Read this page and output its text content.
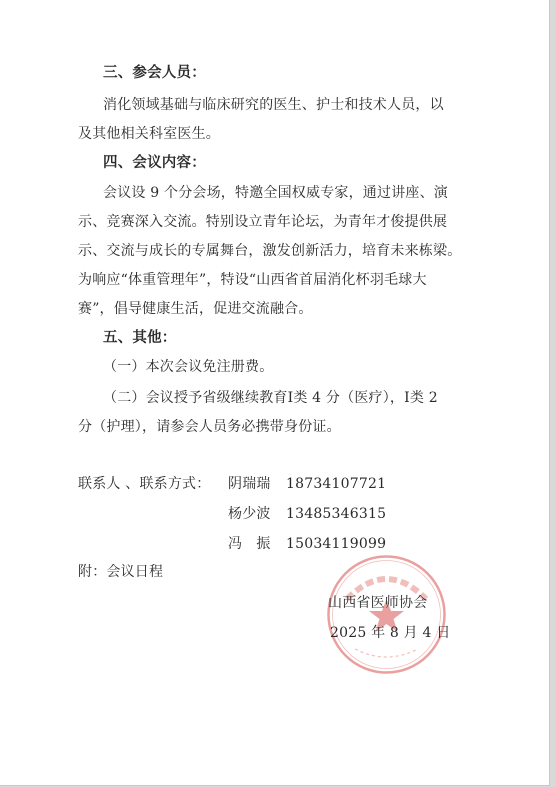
三、参会人员：
消化领域基础与临床研究的医生、护士和技术人员，以
及其他相关科室医生。
四、会议内容：
会议设 9 个分会场，特邀全国权威专家，通过讲座、演
示、竞赛深入交流。特别设立青年论坛，为青年才俊提供展
示、交流与成长的专属舞台，激发创新活力，培育未来栋梁。
为响应“体重管理年”，特设“山西省首届消化杯羽毛球大
赛”，倡导健康生活，促进交流融合。
五、其他：
（一）本次会议免注册费。
（二）会议授予省级继续教育Ⅰ类 4 分（医疗），Ⅰ类 2
分（护理），请参会人员务必携带身份证。
联系人 、联系方式： 阴瑞瑞 18734107721
杨少波 13485346315
冯　振 15034119099
附：会议日程
山西省医师协会
2025 年 8 月 4 日
